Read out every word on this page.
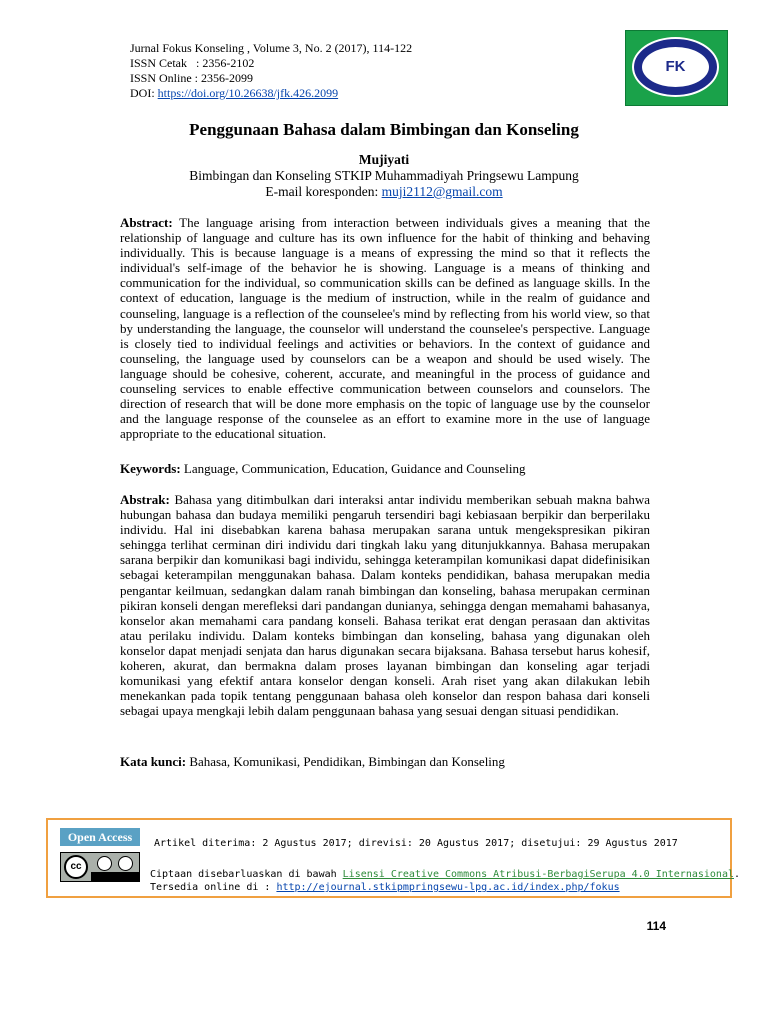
Jurnal Fokus Konseling , Volume 3, No. 2 (2017), 114-122
ISSN Cetak   : 2356-2102
ISSN Online : 2356-2099
DOI: https://doi.org/10.26638/jfk.426.2099
FK
Penggunaan Bahasa dalam Bimbingan dan Konseling
Mujiyati
Bimbingan dan Konseling STKIP Muhammadiyah Pringsewu Lampung
E-mail koresponden: muji2112@gmail.com

Abstract: The language arising from interaction between individuals gives a meaning that the relationship of language and culture has its own influence for the habit of thinking and behaving individually. This is because language is a means of expressing the mind so that it reflects the individual's self-image of the behavior he is showing. Language is a means of thinking and communication for the individual, so communication skills can be defined as language skills. In the context of education, language is the medium of instruction, while in the realm of guidance and counseling, language is a reflection of the counselee's mind by reflecting from his world view, so that by understanding the language, the counselor will understand the counselee's perspective. Language is closely tied to individual feelings and activities or behaviors. In the context of guidance and counseling, the language used by counselors can be a weapon and should be used wisely. The language should be cohesive, coherent, accurate, and meaningful in the process of guidance and counseling services to enable effective communication between counselors and counselors. The direction of research that will be done more emphasis on the topic of language use by the counselor and the language response of the counselee as an effort to examine more in the use of language appropriate to the educational situation.

Keywords: Language, Communication, Education, Guidance and Counseling

Abstrak: Bahasa yang ditimbulkan dari interaksi antar individu memberikan sebuah makna bahwa hubungan bahasa dan budaya memiliki pengaruh tersendiri bagi kebiasaan berpikir dan berperilaku individu. Hal ini disebabkan karena bahasa merupakan sarana untuk mengekspresikan pikiran sehingga terlihat cerminan diri individu dari tingkah laku yang ditunjukkannya. Bahasa merupakan sarana berpikir dan komunikasi bagi individu, sehingga keterampilan komunikasi dapat didefinisikan sebagai keterampilan menggunakan bahasa. Dalam konteks pendidikan, bahasa merupakan media pengantar keilmuan, sedangkan dalam ranah bimbingan dan konseling, bahasa merupakan cerminan pikiran konseli dengan merefleksi dari pandangan dunianya, sehingga dengan memahami bahasanya, konselor akan memahami cara pandang konseli. Bahasa terikat erat dengan perasaan dan aktivitas atau perilaku individu. Dalam konteks bimbingan dan konseling, bahasa yang digunakan oleh konselor dapat menjadi senjata dan harus digunakan secara bijaksana. Bahasa tersebut harus kohesif, koheren, akurat, dan bermakna dalam proses layanan bimbingan dan konseling agar terjadi komunikasi yang efektif antara konselor dengan konseli. Arah riset yang akan dilakukan lebih menekankan pada topik tentang penggunaan bahasa oleh konselor dan respon bahasa dari konseli sebagai upaya mengkaji lebih dalam penggunaan bahasa yang sesuai dengan situasi pendidikan.

Kata kunci: Bahasa, Komunikasi, Pendidikan, Bimbingan dan Konseling

Open Access
cc
Artikel diterima: 2 Agustus 2017; direvisi: 20 Agustus 2017; disetujui: 29 Agustus 2017
Ciptaan disebarluaskan di bawah Lisensi Creative Commons Atribusi-BerbagiSerupa 4.0 Internasional.
Tersedia online di : http://ejournal.stkipmpringsewu-lpg.ac.id/index.php/fokus
114
